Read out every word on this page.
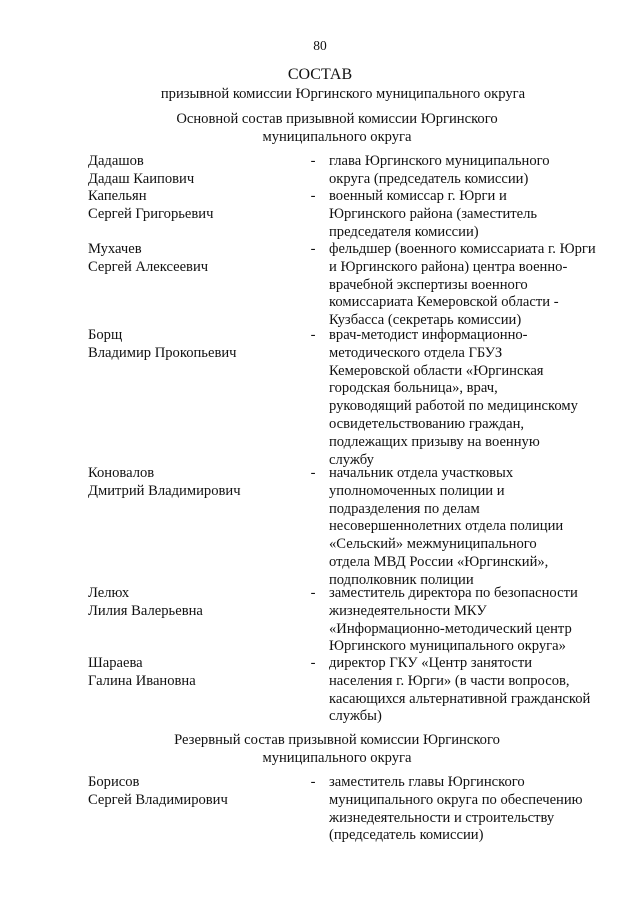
80
СОСТАВ
призывной комиссии Юргинского муниципального округа
Основной состав призывной комиссии Юргинского
муниципального округа
Дадашов
Дадаш Каипович
- глава Юргинского муниципального округа (председатель комиссии)
Капельян
Сергей Григорьевич
- военный комиссар г. Юрги и Юргинского района (заместитель председателя комиссии)
Мухачев
Сергей Алексеевич
- фельдшер (военного комиссариата г. Юрги и Юргинского района) центра военно-врачебной экспертизы военного комиссариата Кемеровской области - Кузбасса (секретарь комиссии)
Борщ
Владимир Прокопьевич
- врач-методист информационно-методического отдела ГБУЗ Кемеровской области «Юргинская городская больница», врач, руководящий работой по медицинскому освидетельствованию граждан, подлежащих призыву на военную службу
Коновалов
Дмитрий Владимирович
- начальник отдела участковых уполномоченных полиции и подразделения по делам несовершеннолетних отдела полиции «Сельский» межмуниципального отдела МВД России «Юргинский», подполковник полиции
Лелюх
Лилия Валерьевна
- заместитель директора по безопасности жизнедеятельности МКУ «Информационно-методический центр Юргинского муниципального округа»
Шараева
Галина Ивановна
- директор ГКУ «Центр занятости населения г. Юрги» (в части вопросов, касающихся альтернативной гражданской службы)
Резервный состав призывной комиссии Юргинского
муниципального округа
Борисов
Сергей Владимирович
- заместитель главы Юргинского муниципального округа по обеспечению жизнедеятельности и строительству (председатель комиссии)
